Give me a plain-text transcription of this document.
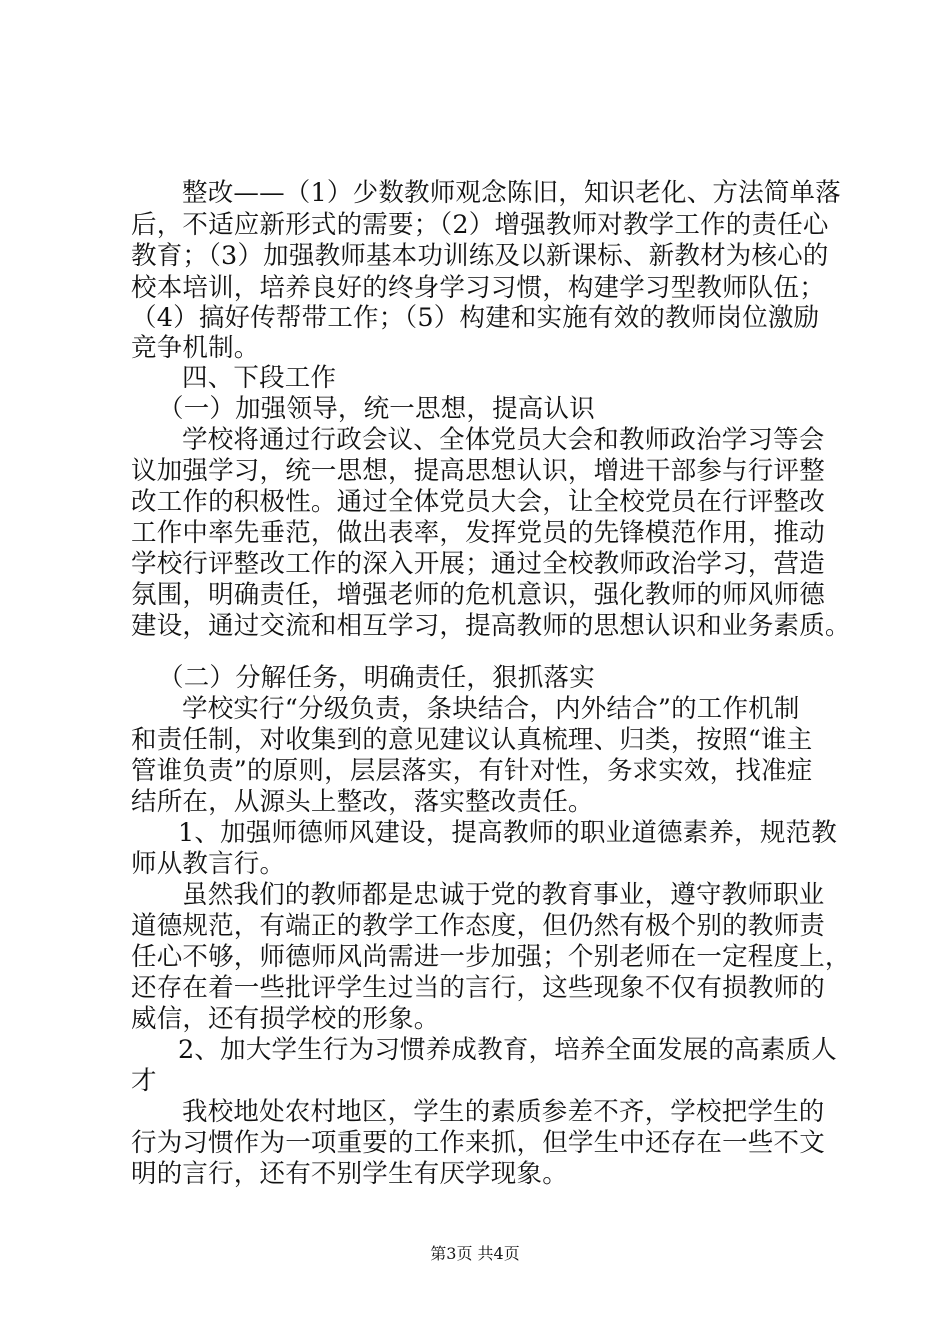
整改——（1）少数教师观念陈旧，知识老化、方法简单落
后，不适应新形式的需要；（2）增强教师对教学工作的责任心
教育；（3）加强教师基本功训练及以新课标、新教材为核心的
校本培训，培养良好的终身学习习惯，构建学习型教师队伍；
（4）搞好传帮带工作；（5）构建和实施有效的教师岗位激励
竞争机制。
四、下段工作
（一）加强领导，统一思想，提高认识
学校将通过行政会议、全体党员大会和教师政治学习等会
议加强学习，统一思想，提高思想认识，增进干部参与行评整
改工作的积极性。通过全体党员大会，让全校党员在行评整改
工作中率先垂范，做出表率，发挥党员的先锋模范作用，推动
学校行评整改工作的深入开展；通过全校教师政治学习，营造
氛围，明确责任，增强老师的危机意识，强化教师的师风师德
建设，通过交流和相互学习，提高教师的思想认识和业务素质。
（二）分解任务，明确责任，狠抓落实
学校实行“分级负责，条块结合，内外结合”的工作机制
和责任制，对收集到的意见建议认真梳理、归类，按照“谁主
管谁负责”的原则，层层落实，有针对性，务求实效，找准症
结所在，从源头上整改，落实整改责任。
1、加强师德师风建设，提高教师的职业道德素养，规范教
师从教言行。
虽然我们的教师都是忠诚于党的教育事业，遵守教师职业
道德规范，有端正的教学工作态度，但仍然有极个别的教师责
任心不够，师德师风尚需进一步加强；个别老师在一定程度上，
还存在着一些批评学生过当的言行，这些现象不仅有损教师的
威信，还有损学校的形象。
2、加大学生行为习惯养成教育，培养全面发展的高素质人
才
我校地处农村地区，学生的素质参差不齐，学校把学生的
行为习惯作为一项重要的工作来抓，但学生中还存在一些不文
明的言行，还有不别学生有厌学现象。
第3页 共4页
